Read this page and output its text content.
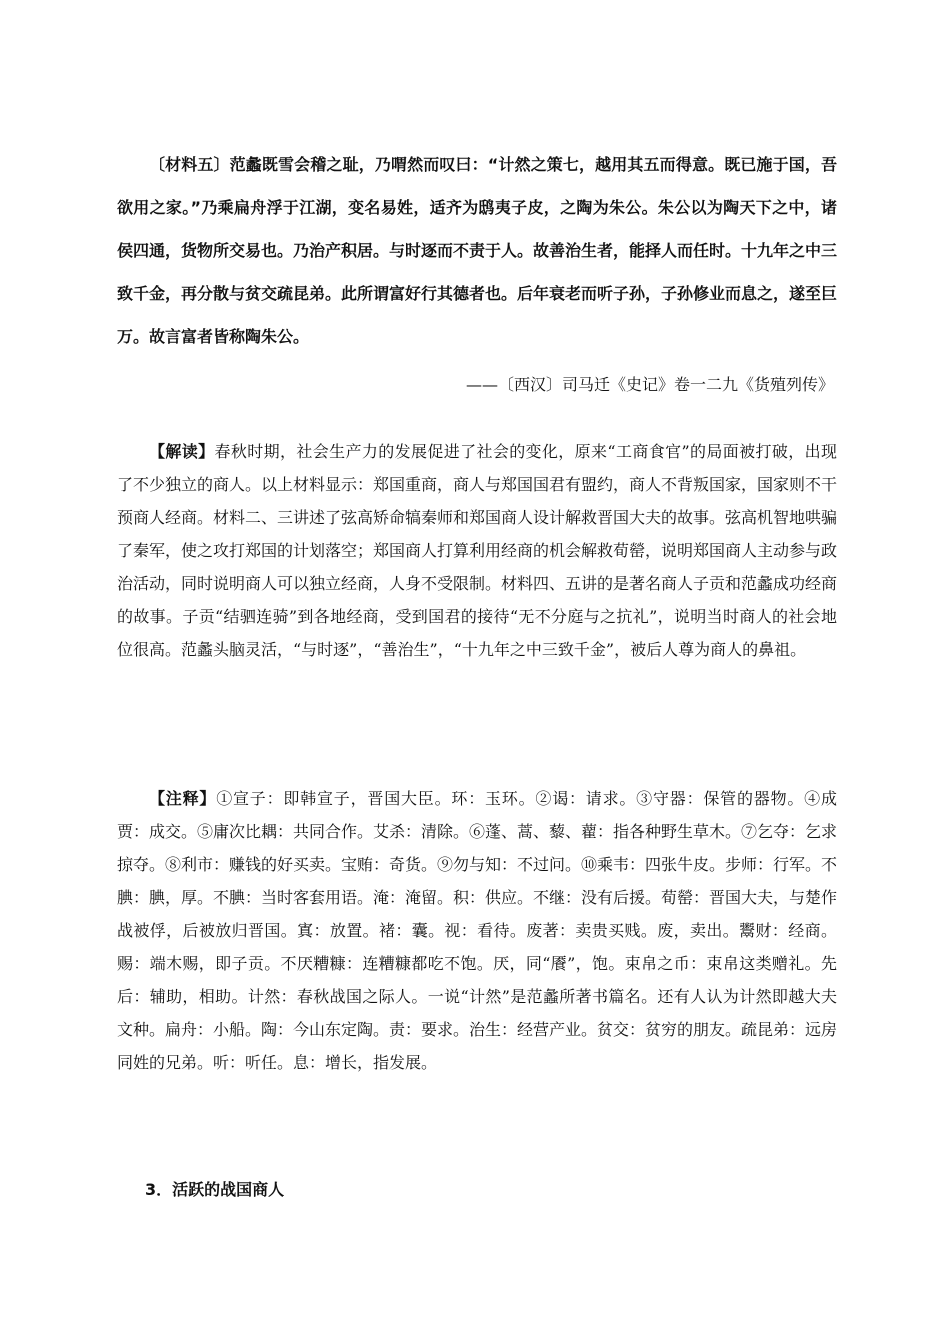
〔材料五〕范蠡既雪会稽之耻，乃喟然而叹曰：“计然之策七，越用其五而得意。既已施于国，吾欲用之家。”乃乘扁舟浮于江湖，变名易姓，适齐为鸱夷子皮，之陶为朱公。朱公以为陶天下之中，诸侯四通，货物所交易也。乃治产积居。与时逐而不责于人。故善治生者，能择人而任时。十九年之中三致千金，再分散与贫交疏昆弟。此所谓富好行其德者也。后年衰老而听子孙，子孙修业而息之，遂至巨万。故言富者皆称陶朱公。

——〔西汉〕司马迁《史记》卷一二九《货殖列传》

【解读】春秋时期，社会生产力的发展促进了社会的变化，原来“工商食官”的局面被打破，出现了不少独立的商人。以上材料显示：郑国重商，商人与郑国国君有盟约，商人不背叛国家，国家则不干预商人经商。材料二、三讲述了弦高矫命犒秦师和郑国商人设计解救晋国大夫的故事。弦高机智地哄骗了秦军，使之攻打郑国的计划落空；郑国商人打算利用经商的机会解救荀罃，说明郑国商人主动参与政治活动，同时说明商人可以独立经商，人身不受限制。材料四、五讲的是著名商人子贡和范蠡成功经商的故事。子贡“结驷连骑”到各地经商，受到国君的接待“无不分庭与之抗礼”，说明当时商人的社会地位很高。范蠡头脑灵活，“与时逐”，“善治生”，“十九年之中三致千金”，被后人尊为商人的鼻祖。

【注释】①宣子：即韩宣子，晋国大臣。环：玉环。②谒：请求。③守器：保管的器物。④成贾：成交。⑤庸次比耦：共同合作。艾杀：清除。⑥蓬、蒿、藜、藋：指各种野生草木。⑦乞夺：乞求掠夺。⑧利市：赚钱的好买卖。宝贿：奇货。⑨勿与知：不过问。⑩乘韦：四张牛皮。步师：行军。不腆：腆，厚。不腆：当时客套用语。淹：淹留。积：供应。不继：没有后援。荀罃：晋国大夫，与楚作战被俘，后被放归晋国。寘：放置。褚：囊。视：看待。废著：卖贵买贱。废，卖出。鬻财：经商。赐：端木赐，即子贡。不厌糟糠：连糟糠都吃不饱。厌，同“餍”，饱。束帛之币：束帛这类赠礼。先后：辅助，相助。计然：春秋战国之际人。一说“计然”是范蠡所著书篇名。还有人认为计然即越大夫文种。扁舟：小船。陶：今山东定陶。责：要求。治生：经营产业。贫交：贫穷的朋友。疏昆弟：远房同姓的兄弟。听：听任。息：增长，指发展。

3．活跃的战国商人
